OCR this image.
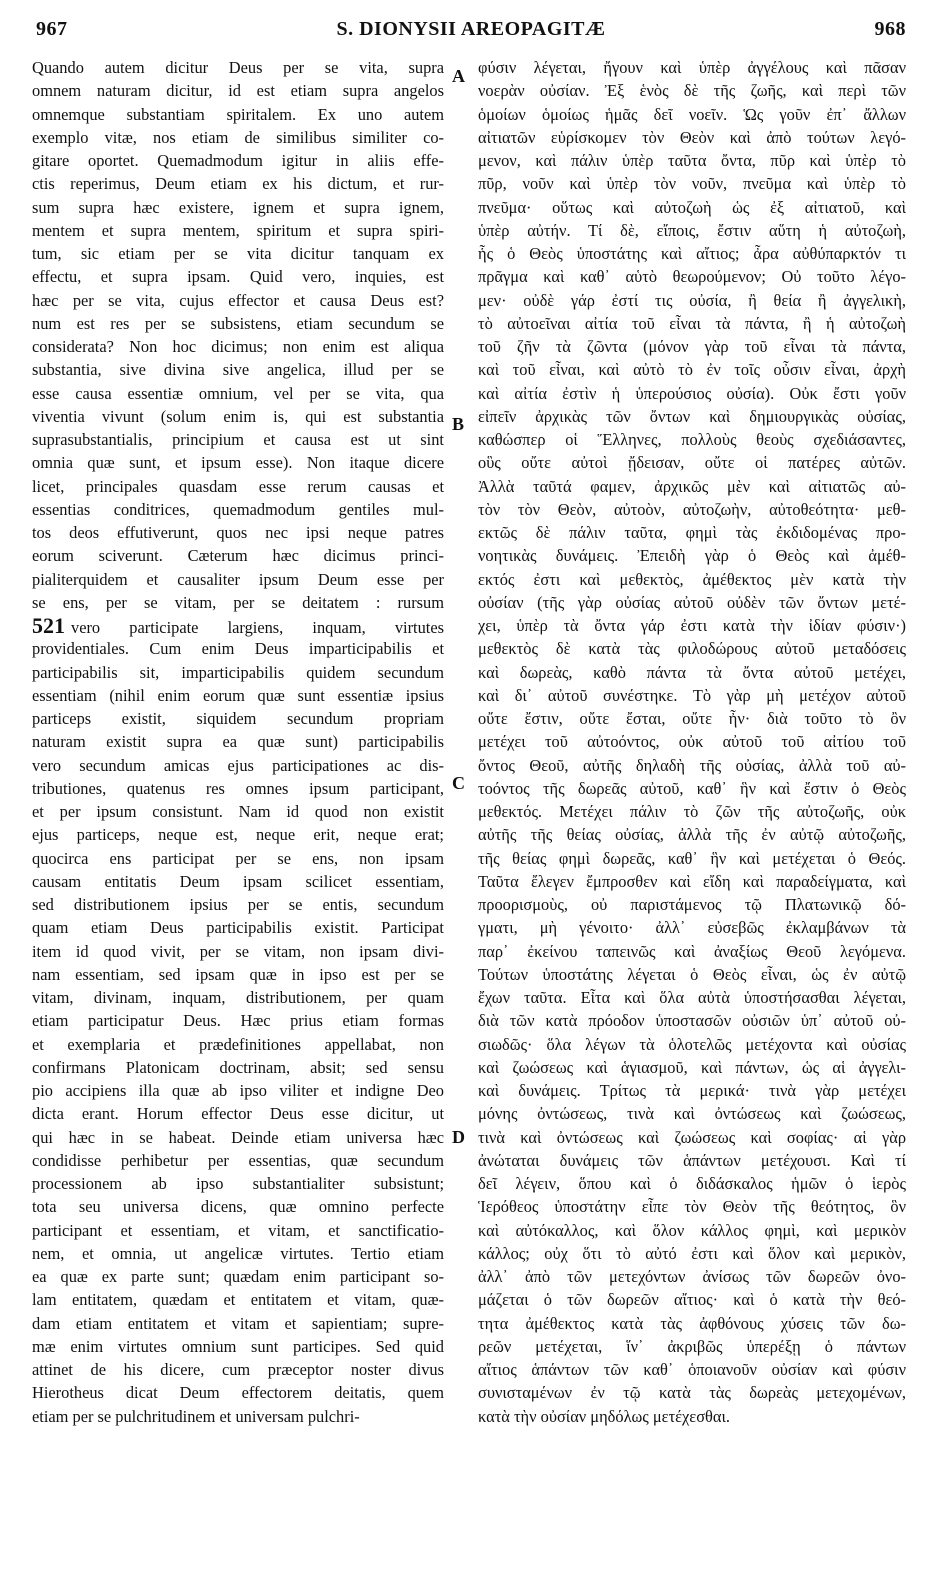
967	S. DIONYSII AREOPAGITÆ	968
Quando autem dicitur Deus per se vita, supra
omnem naturam dicitur, id est etiam supra angelos
omnemque substantiam spiritalem. Ex uno autem
exemplo vitæ, nos etiam de similibus similiter co-
gitare oportet. Quemadmodum igitur in aliis effe-
ctis reperimus, Deum etiam ex his dictum, et rur-
sum supra hæc existere, ignem et supra ignem,
mentem et supra mentem, spiritum et supra spiri-
tum, sic etiam per se vita dicitur tanquam ex
effectu, et supra ipsam. Quid vero, inquies, est
hæc per se vita, cujus effector et causa Deus est?
num est res per se subsistens, etiam secundum se
considerata? Non hoc dicimus; non enim est aliqua
substantia, sive divina sive angelica, illud per se
esse causa essentiæ omnium, vel per se vita, qua
viventia vivunt (solum enim is, qui est substantia
suprasubstantialis, principium et causa est ut sint
omnia quæ sunt, et ipsum esse). Non itaque dicere
licet, principales quasdam esse rerum causas et
essentias conditrices, quemadmodum gentiles mul-
tos deos effutiverunt, quos nec ipsi neque patres
eorum sciverunt. Cæterum hæc dicimus princi-
pialiterquidem et causaliter ipsum Deum esse per
se ens, per se vitam, per se deitatem : rursum
521 vero participate largiens, inquam, virtutes
providentiales. Cum enim Deus imparticipabilis et
participabilis sit, imparticipabilis quidem secundum
essentiam (nihil enim eorum quæ sunt essentiæ ipsius
particeps existit, siquidem secundum propriam
naturam existit supra ea quæ sunt) participabilis
vero secundum amicas ejus participationes ac dis-
tributiones, quatenus res omnes ipsum participant,
et per ipsum consistunt. Nam id quod non existit
ejus particeps, neque est, neque erit, neque erat;
quocirca ens participat per se ens, non ipsam
causam entitatis Deum ipsam scilicet essentiam,
sed distributionem ipsius per se entis, secundum
quam etiam Deus participabilis existit. Participat
item id quod vivit, per se vitam, non ipsam divi-
nam essentiam, sed ipsam quæ in ipso est per se
vitam, divinam, inquam, distributionem, per quam
etiam participatur Deus. Hæc prius etiam formas
et exemplaria et prædefinitiones appellabat, non
confirmans Platonicam doctrinam, absit; sed sensu
pio accipiens illa quæ ab ipso viliter et indigne Deo
dicta erant. Horum effector Deus esse dicitur, ut
qui hæc in se habeat. Deinde etiam universa hæc
condidisse perhibetur per essentias, quæ secundum
processionem ab ipso substantialiter subsistunt;
tota seu universa dicens, quæ omnino perfecte
participant et essentiam, et vitam, et sanctificatio-
nem, et omnia, ut angelicæ virtutes. Tertio etiam
ea quæ ex parte sunt; quædam enim participant so-
lam entitatem, quædam et entitatem et vitam, quæ-
dam etiam entitatem et vitam et sapientiam; supre-
mæ enim virtutes omnium sunt participes. Sed quid
attinet de his dicere, cum præceptor noster divus
Hierotheus dicat Deum effectorem deitatis, quem
etiam per se pulchritudinem et universam pulchri-
φύσιν λέγεται, ἤγουν καὶ ὑπὲρ ἀγγέλους καὶ πᾶσαν
νοερὰν οὐσίαν. Ἐξ ἑνὸς δὲ τῆς ζωῆς, καὶ περὶ τῶν
ὁμοίων ὁμοίως ἡμᾶς δεῖ νοεῖν. Ὡς γοῦν ἐπ᾽ ἄλλων
αἰτιατῶν εὑρίσκομεν τὸν Θεὸν καὶ ἀπὸ τούτων λεγό-
μενον, καὶ πάλιν ὑπὲρ ταῦτα ὄντα, πῦρ καὶ ὑπὲρ τὸ
πῦρ, νοῦν καὶ ὑπὲρ τὸν νοῦν, πνεῦμα καὶ ὑπὲρ τὸ
πνεῦμα· οὕτως καὶ αὐτοζωὴ ὡς ἐξ αἰτιατοῦ, καὶ
ὑπὲρ αὐτήν. Τί δὲ, εἴποις, ἔστιν αὕτη ἡ αὐτοζωὴ,
ἧς ὁ Θεὸς ὑποστάτης καὶ αἴτιος; ἆρα αὐθύπαρκτόν τι
πρᾶγμα καὶ καθ᾽ αὑτὸ θεωρούμενον; Οὐ τοῦτο λέγο-
μεν· οὐδὲ γάρ ἐστί τις οὐσία, ἢ θεία ἢ ἀγγελικὴ,
τὸ αὐτοεῖναι αἰτία τοῦ εἶναι τὰ πάντα, ἢ ἡ αὐτοζωὴ
τοῦ ζῆν τὰ ζῶντα (μόνον γὰρ τοῦ εἶναι τὰ πάντα,
καὶ τοῦ εἶναι, καὶ αὐτὸ τὸ ἐν τοῖς οὖσιν εἶναι, ἀρχὴ
καὶ αἰτία ἐστὶν ἡ ὑπερούσιος οὐσία). Οὐκ ἔστι γοῦν
εἰπεῖν ἀρχικὰς τῶν ὄντων καὶ δημιουργικὰς οὐσίας,
καθώσπερ οἱ Ἕλληνες, πολλοὺς θεοὺς σχεδιάσαντες,
οὓς οὔτε αὐτοὶ ᾔδεισαν, οὔτε οἱ πατέρες αὐτῶν.
Ἀλλὰ ταῦτά φαμεν, ἀρχικῶς μὲν καὶ αἰτιατῶς αὐ-
τὸν τὸν Θεὸν, αὐτοὸν, αὐτοζωὴν, αὐτοθεότητα· μεθ-
εκτῶς δὲ πάλιν ταῦτα, φημὶ τὰς ἐκδιδομένας προ-
νοητικὰς δυνάμεις. Ἐπειδὴ γὰρ ὁ Θεὸς καὶ ἀμέθ-
εκτός ἐστι καὶ μεθεκτὸς, ἀμέθεκτος μὲν κατὰ τὴν
οὐσίαν (τῆς γὰρ οὐσίας αὐτοῦ οὐδὲν τῶν ὄντων μετέ-
χει, ὑπὲρ τὰ ὄντα γάρ ἐστι κατὰ τὴν ἰδίαν φύσιν·)
μεθεκτὸς δὲ κατὰ τὰς φιλοδώρους αὐτοῦ μεταδόσεις
καὶ δωρεὰς, καθὸ πάντα τὰ ὄντα αὐτοῦ μετέχει,
καὶ δι᾽ αὐτοῦ συνέστηκε. Τὸ γὰρ μὴ μετέχον αὐτοῦ
οὔτε ἔστιν, οὔτε ἔσται, οὔτε ἦν· διὰ τοῦτο τὸ ὂν
μετέχει τοῦ αὐτοόντος, οὐκ αὐτοῦ τοῦ αἰτίου τοῦ
ὄντος Θεοῦ, αὐτῆς δηλαδὴ τῆς οὐσίας, ἀλλὰ τοῦ αὐ-
τοόντος τῆς δωρεᾶς αὐτοῦ, καθ᾽ ἣν καὶ ἔστιν ὁ Θεὸς
μεθεκτός. Μετέχει πάλιν τὸ ζῶν τῆς αὐτοζωῆς, οὐκ
αὐτῆς τῆς θείας οὐσίας, ἀλλὰ τῆς ἐν αὐτῷ αὐτοζωῆς,
τῆς θείας φημὶ δωρεᾶς, καθ᾽ ἣν καὶ μετέχεται ὁ Θεός.
Ταῦτα ἔλεγεν ἔμπροσθεν καὶ εἴδη καὶ παραδείγματα, καὶ
προορισμοὺς, οὐ παριστάμενος τῷ Πλατωνικῷ δό-
γματι, μὴ γένοιτο· ἀλλ᾽ εὐσεβῶς ἐκλαμβάνων τὰ
παρ᾽ ἐκείνου ταπεινῶς καὶ ἀναξίως Θεοῦ λεγόμενα.
Τούτων ὑποστάτης λέγεται ὁ Θεὸς εἶναι, ὡς ἐν αὐτῷ
ἔχων ταῦτα. Εἶτα καὶ ὅλα αὐτὰ ὑποστήσασθαι λέγεται,
διὰ τῶν κατὰ πρόοδον ὑποστασῶν οὐσιῶν ὑπ᾽ αὐτοῦ οὐ-
σιωδῶς· ὅλα λέγων τὰ ὁλοτελῶς μετέχοντα καὶ οὐσίας
καὶ ζωώσεως καὶ ἁγιασμοῦ, καὶ πάντων, ὡς αἱ ἀγγελι-
καὶ δυνάμεις. Τρίτως τὰ μερικά· τινὰ γὰρ μετέχει
μόνης ὀντώσεως, τινὰ καὶ ὀντώσεως καὶ ζωώσεως,
τινὰ καὶ ὀντώσεως καὶ ζωώσεως καὶ σοφίας· αἱ γὰρ
ἀνώταται δυνάμεις τῶν ἁπάντων μετέχουσι. Καὶ τί
δεῖ λέγειν, ὅπου καὶ ὁ διδάσκαλος ἡμῶν ὁ ἱερὸς
Ἱερόθεος ὑποστάτην εἶπε τὸν Θεὸν τῆς θεότητος, ὃν
καὶ αὐτόκαλλος, καὶ ὅλον κάλλος φημὶ, καὶ μερικὸν
κάλλος; οὐχ ὅτι τὸ αὐτό ἐστι καὶ ὅλον καὶ μερικὸν,
ἀλλ᾽ ἀπὸ τῶν μετεχόντων ἀνίσως τῶν δωρεῶν ὀνο-
μάζεται ὁ τῶν δωρεῶν αἴτιος· καὶ ὁ κατὰ τὴν θεό-
τητα ἀμέθεκτος κατὰ τὰς ἀφθόνους χύσεις τῶν δω-
ρεῶν μετέχεται, ἵν᾽ ἀκριβῶς ὑπερέξῃ ὁ πάντων
αἴτιος ἁπάντων τῶν καθ᾽ ὁποιανοῦν οὐσίαν καὶ φύσιν
συνισταμένων ἐν τῷ κατὰ τὰς δωρεὰς μετεχομένων,
κατὰ τὴν οὐσίαν μηδόλως μετέχεσθαι.
A
B
C
D
